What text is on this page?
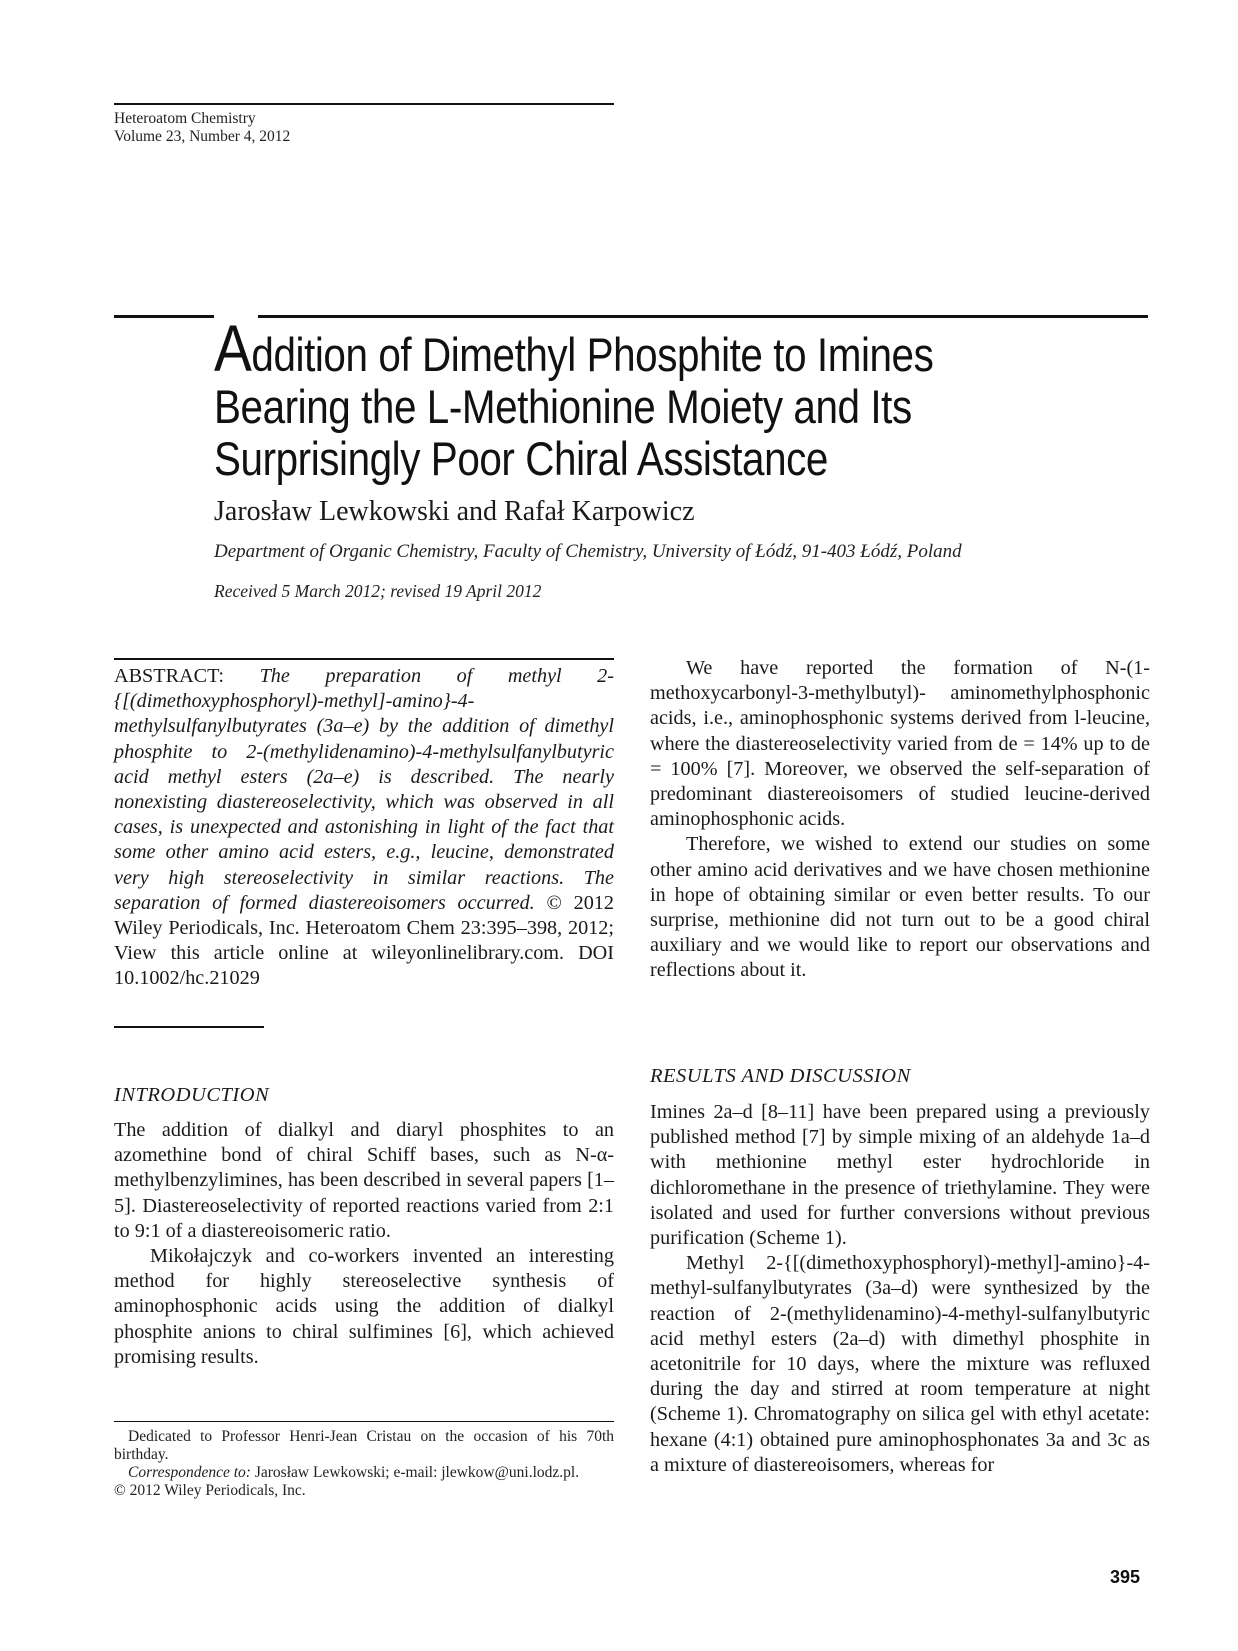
Heteroatom Chemistry
Volume 23, Number 4, 2012
Addition of Dimethyl Phosphite to Imines
Bearing the L-Methionine Moiety and Its
Surprisingly Poor Chiral Assistance
Jarosław Lewkowski and Rafał Karpowicz
Department of Organic Chemistry, Faculty of Chemistry, University of Łódź, 91-403 Łódź, Poland
Received 5 March 2012; revised 19 April 2012
ABSTRACT: The preparation of methyl 2-{[(dimethoxyphosphoryl)-methyl]-amino}-4-methylsulfanylbutyrates (3a–e) by the addition of dimethyl phosphite to 2-(methylidenamino)-4-methylsulfanylbutyric acid methyl esters (2a–e) is described. The nearly nonexisting diastereoselectivity, which was observed in all cases, is unexpected and astonishing in light of the fact that some other amino acid esters, e.g., leucine, demonstrated very high stereoselectivity in similar reactions. The separation of formed diastereoisomers occurred. © 2012 Wiley Periodicals, Inc. Heteroatom Chem 23:395–398, 2012; View this article online at wileyonlinelibrary.com. DOI 10.1002/hc.21029
INTRODUCTION
The addition of dialkyl and diaryl phosphites to an azomethine bond of chiral Schiff bases, such as N-α-methylbenzylimines, has been described in several papers [1–5]. Diastereoselectivity of reported reactions varied from 2:1 to 9:1 of a diastereoisomeric ratio.
Mikołajczyk and co-workers invented an interesting method for highly stereoselective synthesis of aminophosphonic acids using the addition of dialkyl phosphite anions to chiral sulfimines [6], which achieved promising results.
Dedicated to Professor Henri-Jean Cristau on the occasion of his 70th birthday.
Correspondence to: Jarosław Lewkowski; e-mail: jlewkow@uni.lodz.pl.
© 2012 Wiley Periodicals, Inc.
We have reported the formation of N-(1-methoxycarbonyl-3-methylbutyl)- aminomethylphosphonic acids, i.e., aminophosphonic systems derived from l-leucine, where the diastereoselectivity varied from de = 14% up to de = 100% [7]. Moreover, we observed the self-separation of predominant diastereoisomers of studied leucine-derived aminophosphonic acids.
Therefore, we wished to extend our studies on some other amino acid derivatives and we have chosen methionine in hope of obtaining similar or even better results. To our surprise, methionine did not turn out to be a good chiral auxiliary and we would like to report our observations and reflections about it.
RESULTS AND DISCUSSION
Imines 2a–d [8–11] have been prepared using a previously published method [7] by simple mixing of an aldehyde 1a–d with methionine methyl ester hydrochloride in dichloromethane in the presence of triethylamine. They were isolated and used for further conversions without previous purification (Scheme 1).
Methyl 2-{[(dimethoxyphosphoryl)-methyl]-amino}-4-methyl-sulfanylbutyrates (3a–d) were synthesized by the reaction of 2-(methylidenamino)-4-methyl-sulfanylbutyric acid methyl esters (2a–d) with dimethyl phosphite in acetonitrile for 10 days, where the mixture was refluxed during the day and stirred at room temperature at night (Scheme 1). Chromatography on silica gel with ethyl acetate: hexane (4:1) obtained pure aminophosphonates 3a and 3c as a mixture of diastereoisomers, whereas for
395
